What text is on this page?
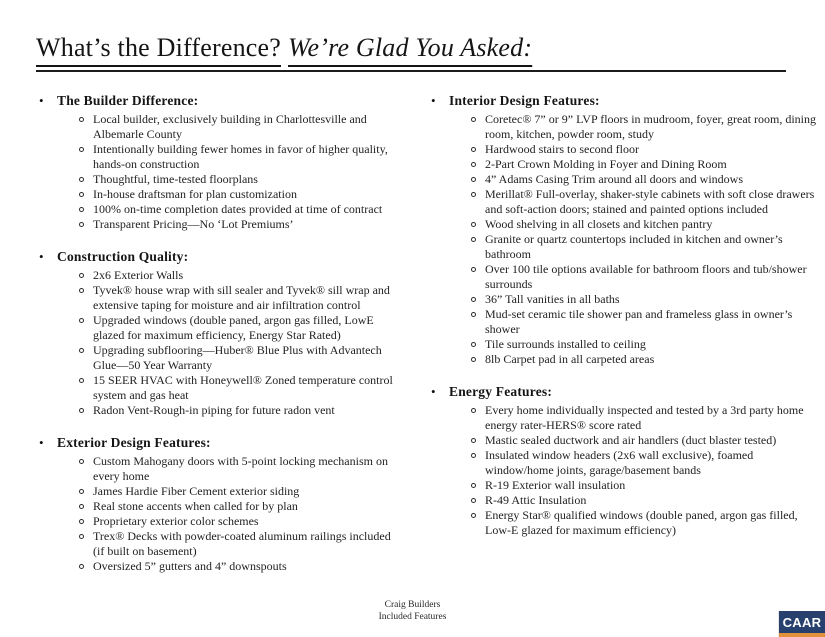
What’s the Difference? We’re Glad You Asked:
• The Builder Difference:
Local builder, exclusively building in Charlottesville and Albemarle County
Intentionally building fewer homes in favor of higher quality, hands-on construction
Thoughtful, time-tested floorplans
In-house draftsman for plan customization
100% on-time completion dates provided at time of contract
Transparent Pricing—No ‘Lot Premiums’
• Construction Quality:
2x6 Exterior Walls
Tyvek® house wrap with sill sealer and Tyvek® sill wrap and extensive taping for moisture and air infiltration control
Upgraded windows (double paned, argon gas filled, LowE glazed for maximum efficiency, Energy Star Rated)
Upgrading subflooring—Huber® Blue Plus with Advantech Glue—50 Year Warranty
15 SEER HVAC with Honeywell® Zoned temperature control system and gas heat
Radon Vent-Rough-in piping for future radon vent
• Exterior Design Features:
Custom Mahogany doors with 5-point locking mechanism on every home
James Hardie Fiber Cement exterior siding
Real stone accents when called for by plan
Proprietary exterior color schemes
Trex® Decks with powder-coated aluminum railings included (if built on basement)
Oversized 5” gutters and 4” downspouts
• Interior Design Features:
Coretec® 7” or 9” LVP floors in mudroom, foyer, great room, dining room, kitchen, powder room, study
Hardwood stairs to second floor
2-Part Crown Molding in Foyer and Dining Room
4” Adams Casing Trim around all doors and windows
Merillat® Full-overlay, shaker-style cabinets with soft close drawers and soft-action doors; stained and painted options included
Wood shelving in all closets and kitchen pantry
Granite or quartz countertops included in kitchen and owner’s bathroom
Over 100 tile options available for bathroom floors and tub/shower surrounds
36” Tall vanities in all baths
Mud-set ceramic tile shower pan and frameless glass in owner’s shower
Tile surrounds installed to ceiling
8lb Carpet pad in all carpeted areas
• Energy Features:
Every home individually inspected and tested by a 3rd party home energy rater-HERS® score rated
Mastic sealed ductwork and air handlers (duct blaster tested)
Insulated window headers (2x6 wall exclusive), foamed window/home joints, garage/basement bands
R-19 Exterior wall insulation
R-49 Attic Insulation
Energy Star® qualified windows (double paned, argon gas filled, Low-E glazed for maximum efficiency)
Craig Builders
Included Features	CAAR
